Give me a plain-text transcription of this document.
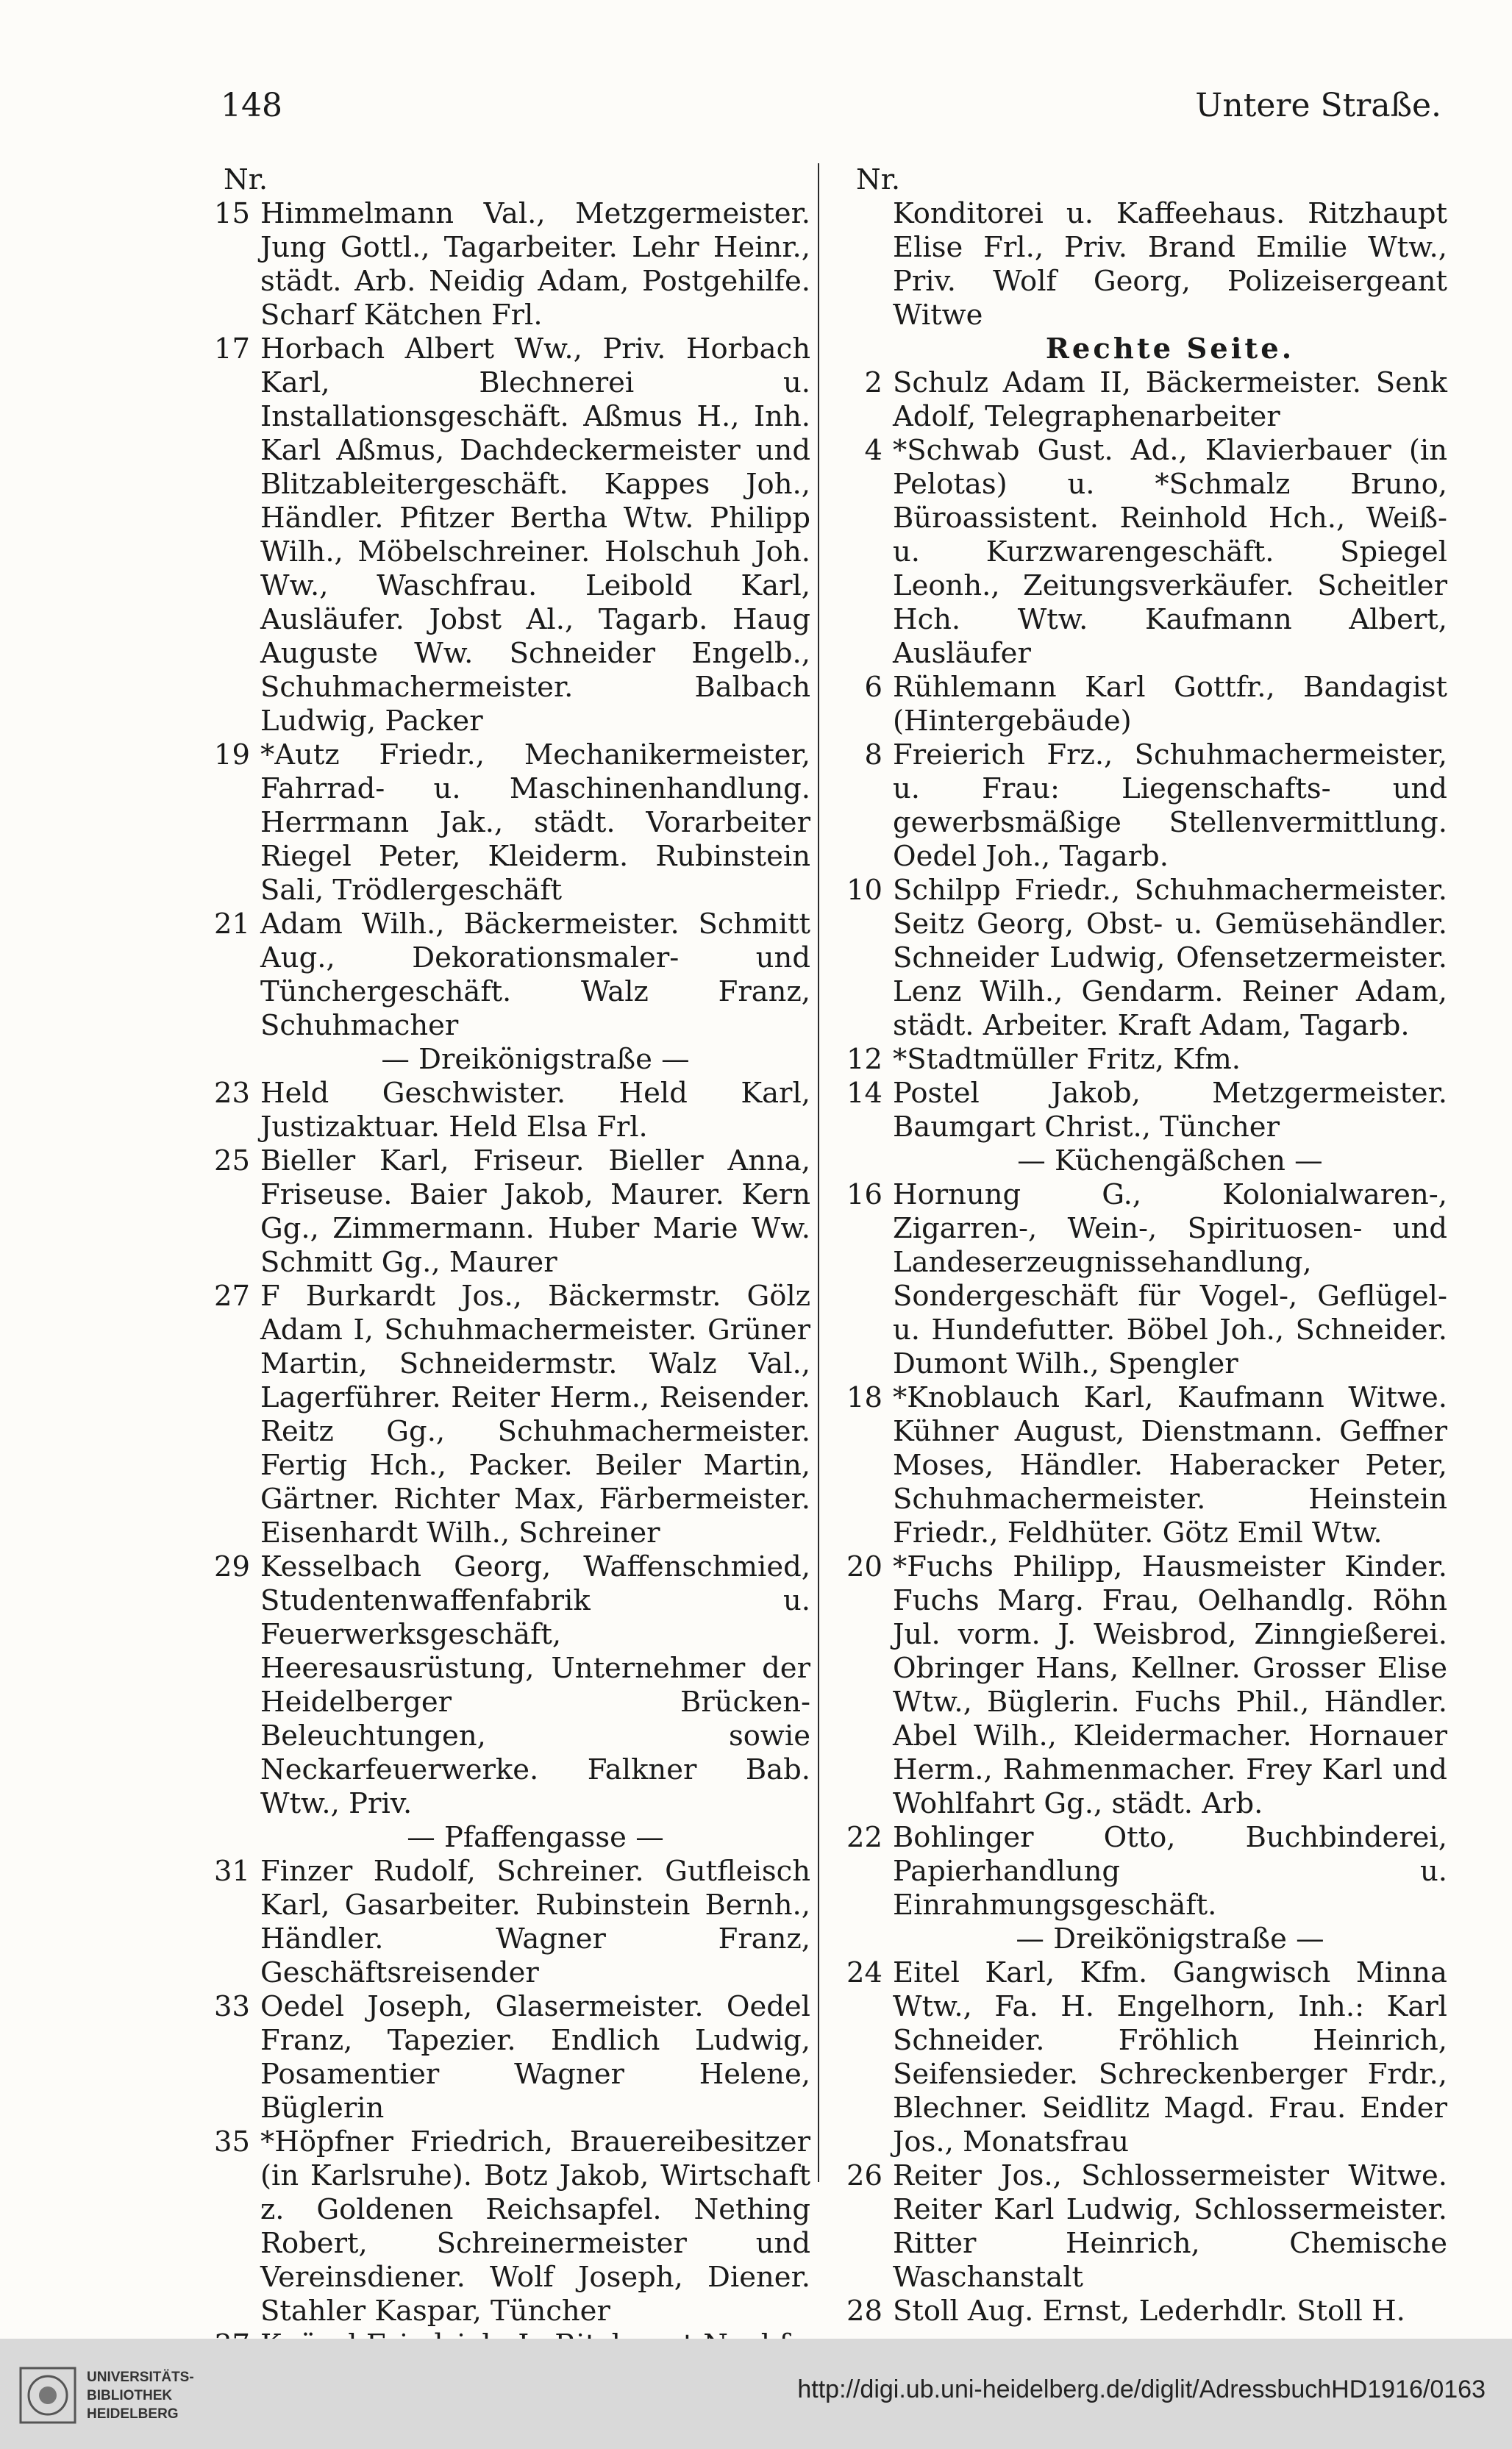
148	Untere Straße.
Nr.
15 Himmelmann Val., Metzgermeister. Jung Gottl., Tagarbeiter. Lehr Heinr., städt. Arb. Neidig Adam, Postgehilfe. Scharf Kätchen Frl.
17 Horbach Albert Ww., Priv. Horbach Karl, Blechnerei u. Installationsgeschäft. Aßmus H., Inh. Karl Aßmus, Dachdeckermeister und Blitzableitergeschäft. Kappes Joh., Händler. Pfitzer Bertha Wtw. Philipp Wilh., Möbelschreiner. Holschuh Joh. Ww., Waschfrau. Leibold Karl, Ausläufer. Jobst Al., Tagarb. Haug Auguste Ww. Schneider Engelb., Schuhmachermeister. Balbach Ludwig, Packer
19 *Autz Friedr., Mechanikermeister, Fahrrad- u. Maschinenhandlung. Herrmann Jak., städt. Vorarbeiter Riegel Peter, Kleiderm. Rubinstein Sali, Trödlergeschäft
21 Adam Wilh., Bäckermeister. Schmitt Aug., Dekorationsmaler- und Tünchergeschäft. Walz Franz, Schuhmacher
— Dreikönigstraße —
23 Held Geschwister. Held Karl, Justizaktuar. Held Elsa Frl.
25 Bieller Karl, Friseur. Bieller Anna, Friseuse. Baier Jakob, Maurer. Kern Gg., Zimmermann. Huber Marie Ww. Schmitt Gg., Maurer
27 F Burkardt Jos., Bäckermstr. Gölz Adam I, Schuhmachermeister. Grüner Martin, Schneidermstr. Walz Val., Lagerführer. Reiter Herm., Reisender. Reitz Gg., Schuhmachermeister. Fertig Hch., Packer. Beiler Martin, Gärtner. Richter Max, Färbermeister. Eisenhardt Wilh., Schreiner
29 Kesselbach Georg, Waffenschmied, Studentenwaffenfabrik u. Feuerwerksgeschäft, Heeresausrüstung, Unternehmer der Heidelberger Brücken-Beleuchtungen, sowie Neckarfeuerwerke. Falkner Bab. Wtw., Priv.
— Pfaffengasse —
31 Finzer Rudolf, Schreiner. Gutfleisch Karl, Gasarbeiter. Rubinstein Bernh., Händler. Wagner Franz, Geschäftsreisender
33 Oedel Joseph, Glasermeister. Oedel Franz, Tapezier. Endlich Ludwig, Posamentier Wagner Helene, Büglerin
35 *Höpfner Friedrich, Brauereibesitzer (in Karlsruhe). Botz Jakob, Wirtschaft z. Goldenen Reichsapfel. Nething Robert, Schreinermeister und Vereinsdiener. Wolf Joseph, Diener. Stahler Kaspar, Tüncher
Nr.
Konditorei u. Kaffeehaus. Ritzhaupt Elise Frl., Priv. Brand Emilie Wtw., Priv. Wolf Georg, Polizeisergeant Witwe
Rechte Seite.
2 Schulz Adam II, Bäckermeister. Senk Adolf, Telegraphenarbeiter
4 *Schwab Gust. Ad., Klavierbauer (in Pelotas) u. *Schmalz Bruno, Büroassistent. Reinhold Hch., Weiß- u. Kurzwarengeschäft. Spiegel Leonh., Zeitungsverkäufer. Scheitler Hch. Wtw. Kaufmann Albert, Ausläufer
6 Rühlemann Karl Gottfr., Bandagist (Hintergebäude)
8 Freierich Frz., Schuhmachermeister, u. Frau: Liegenschafts- und gewerbsmäßige Stellenvermittlung. Oedel Joh., Tagarb.
10 Schilpp Friedr., Schuhmachermeister. Seitz Georg, Obst- u. Gemüsehändler. Schneider Ludwig, Ofensetzermeister. Lenz Wilh., Gendarm. Reiner Adam, städt. Arbeiter. Kraft Adam, Tagarb.
12 *Stadtmüller Fritz, Kfm.
14 Postel Jakob, Metzgermeister. Baumgart Christ., Tüncher
— Küchengäßchen —
16 Hornung G., Kolonialwaren-, Zigarren-, Wein-, Spirituosen- und Landeserzeugnissehandlung, Sondergeschäft für Vogel-, Geflügel- u. Hundefutter. Böbel Joh., Schneider. Dumont Wilh., Spengler
18 *Knoblauch Karl, Kaufmann Witwe. Kühner August, Dienstmann. Geffner Moses, Händler. Haberacker Peter, Schuhmachermeister. Heinstein Friedr., Feldhüter. Götz Emil Wtw.
20 *Fuchs Philipp, Hausmeister Kinder. Fuchs Marg. Frau, Oelhandlg. Röhn Jul. vorm. J. Weisbrod, Zinngießerei. Obringer Hans, Kellner. Grosser Elise Wtw., Büglerin. Fuchs Phil., Händler. Abel Wilh., Kleidermacher. Hornauer Herm., Rahmenmacher. Frey Karl und Wohlfahrt Gg., städt. Arb.
22 Bohlinger Otto, Buchbinderei, Papierhandlung u. Einrahmungsgeschäft.
— Dreikönigstraße —
24 Eitel Karl, Kfm. Gangwisch Minna Wtw., Fa. H. Engelhorn, Inh.: Karl Schneider. Fröhlich Heinrich, Seifensieder. Schreckenberger Frdr., Blechner. Seidlitz Magd. Frau. Ender Jos., Monatsfrau
26 Reiter Jos., Schlossermeister Witwe. Reiter Karl Ludwig, Schlossermeister. Ritter Heinrich, Chemische Waschanstalt
28 Stoll Aug. Ernst, Lederhdlr. Stoll H.
UNIVERSITÄTS-
BIBLIOTHEK
HEIDELBERG
http://digi.ub.uni-heidelberg.de/diglit/AdressbuchHD1916/0163
